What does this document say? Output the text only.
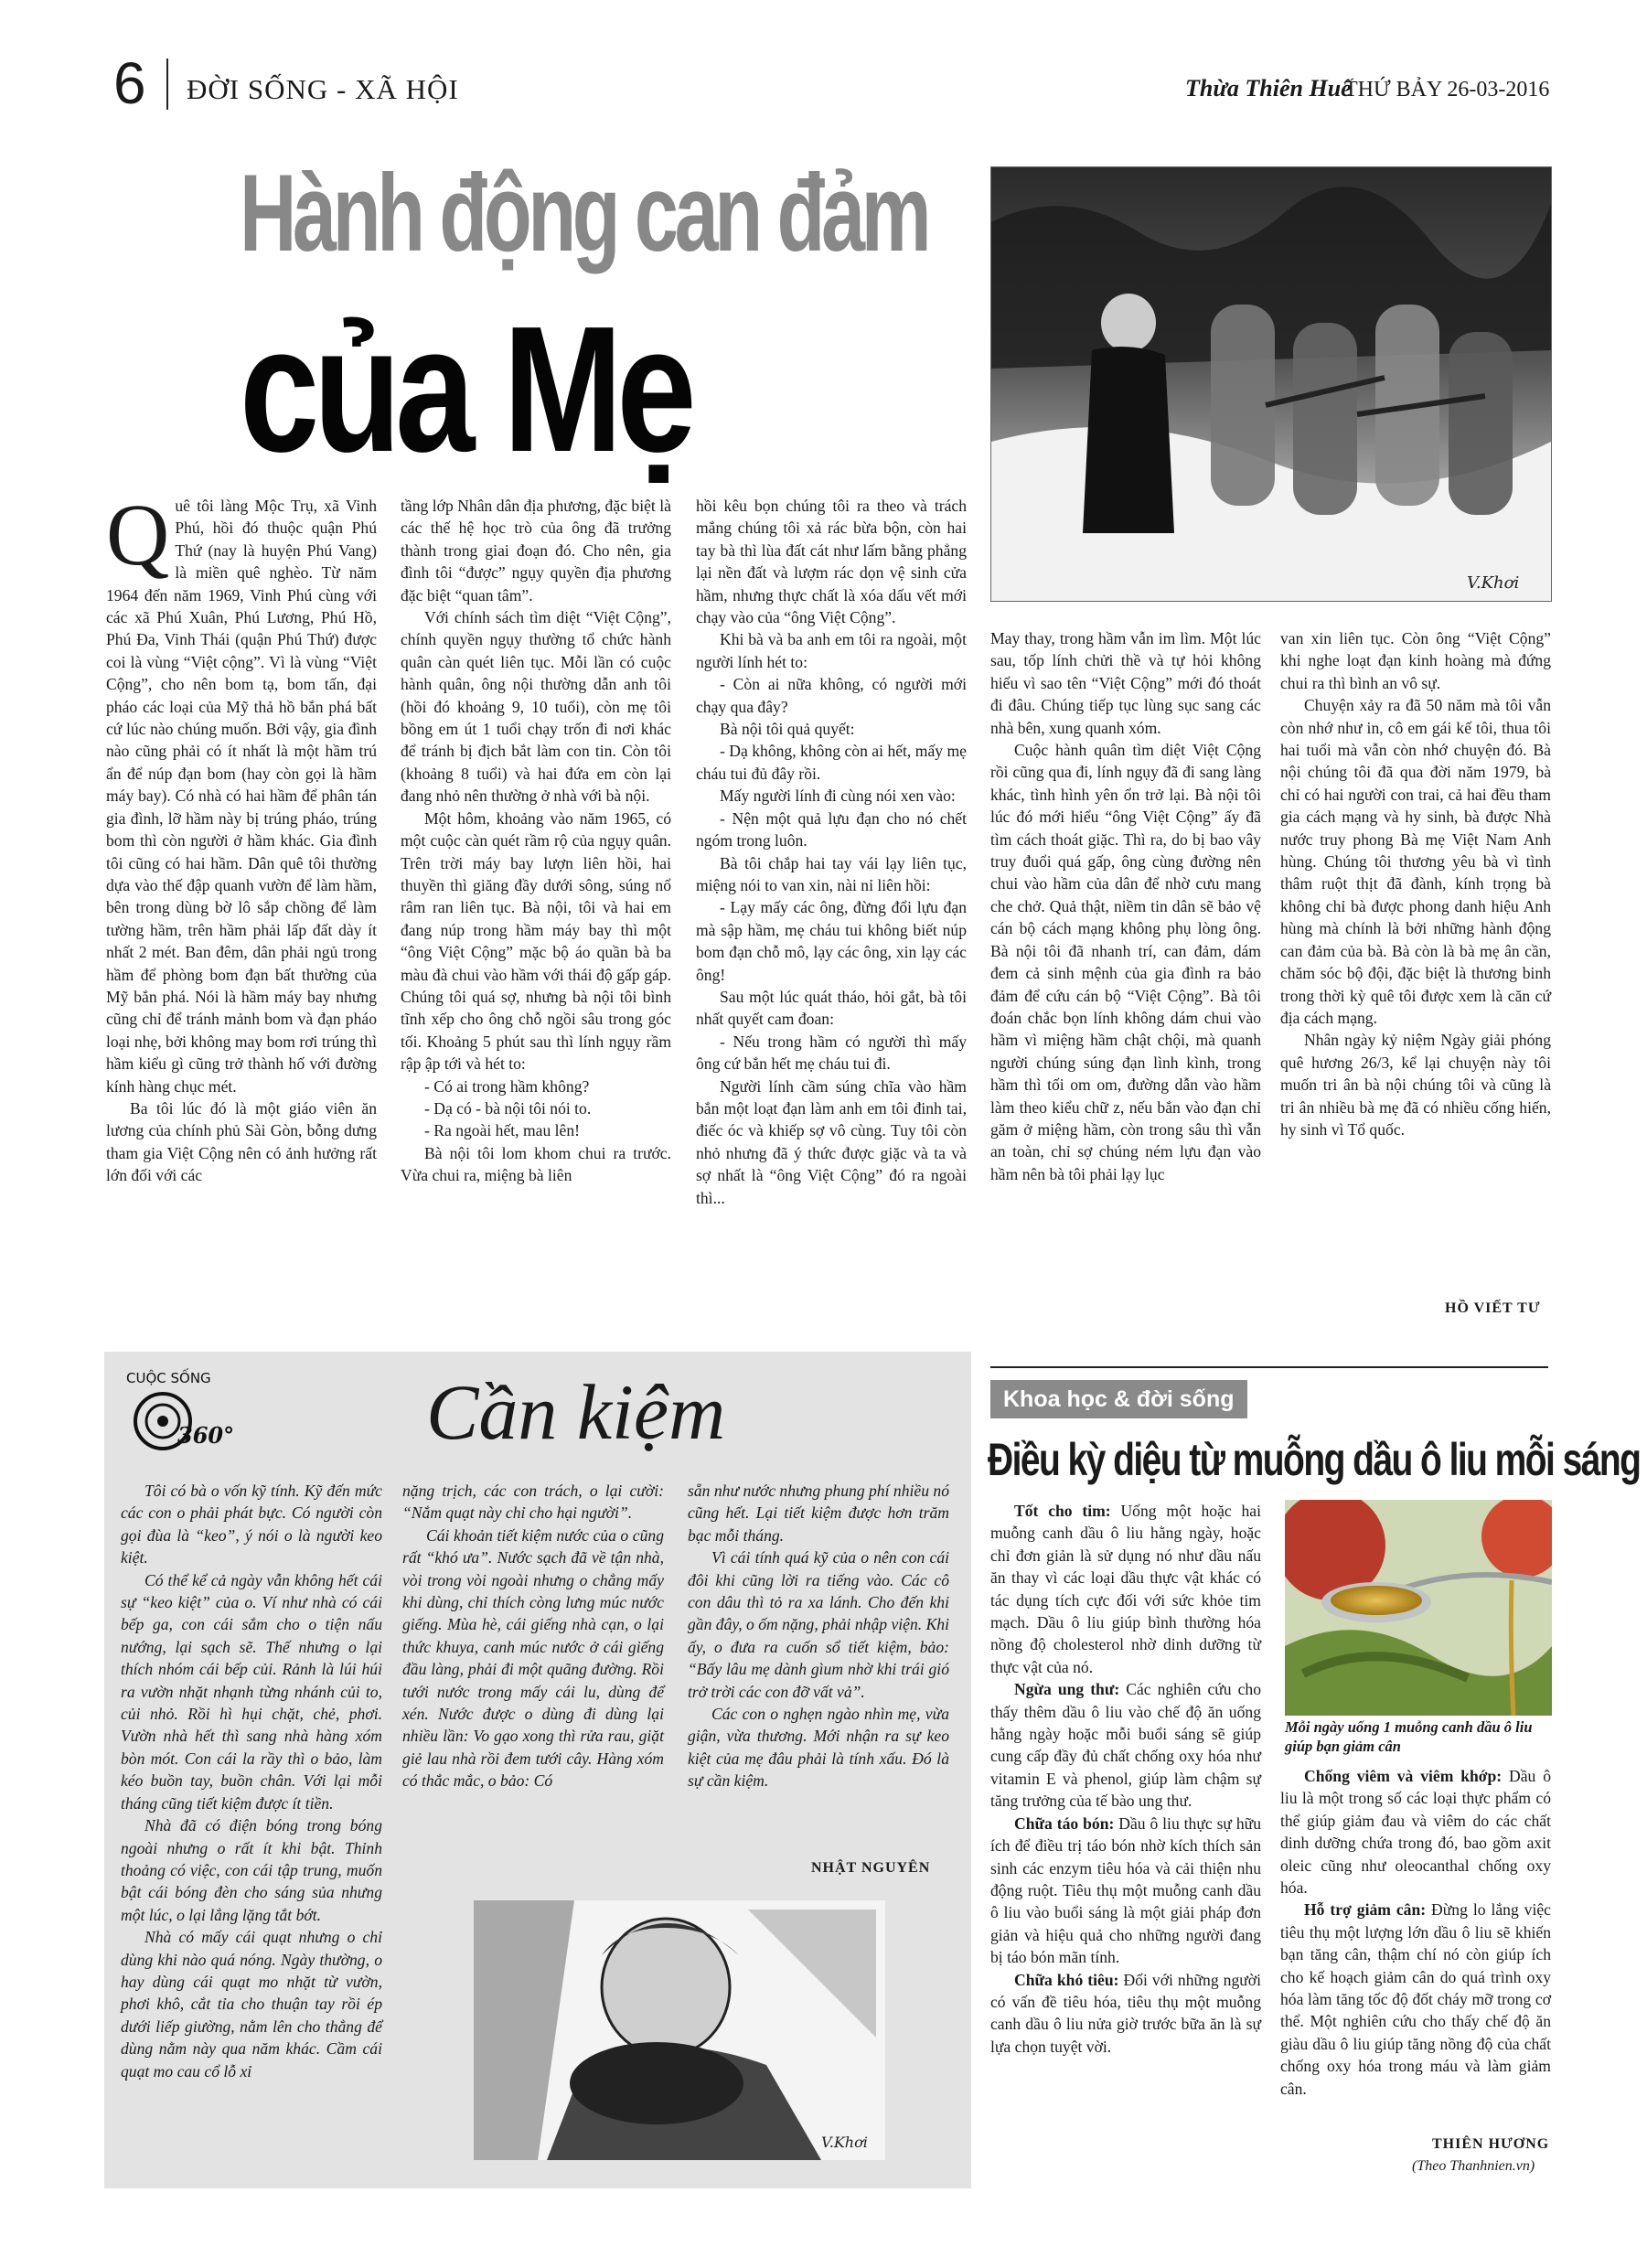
6 ĐỜI SỐNG - XÃ HỘI	Thừa Thiên Huế
THỨ BẢY 26-03-2016
Hành động can đảm
của Mẹ
V.Khơi

Quê tôi làng Mộc Trụ, xã Vinh Phú, hồi đó thuộc quận Phú Thứ (nay là huyện Phú Vang) là miền quê nghèo. Từ năm 1964 đến năm 1969, Vinh Phú cùng với các xã Phú Xuân, Phú Lương, Phú Hồ, Phú Đa, Vinh Thái (quận Phú Thứ) được coi là vùng “Việt cộng”. Vì là vùng “Việt Cộng”, cho nên bom tạ, bom tấn, đại pháo các loại của Mỹ thả hồ bắn phá bất cứ lúc nào chúng muốn. Bởi vậy, gia đình nào cũng phải có ít nhất là một hầm trú ẩn để núp đạn bom (hay còn gọi là hầm máy bay). Có nhà có hai hầm để phân tán gia đình, lỡ hầm này bị trúng pháo, trúng bom thì còn người ở hầm khác. Gia đình tôi cũng có hai hầm. Dân quê tôi thường dựa vào thế đập quanh vườn để làm hầm, bên trong dùng bờ lô sắp chồng để làm tường hầm, trên hầm phải lấp đất dày ít nhất 2 mét. Ban đêm, dân phải ngủ trong hầm để phòng bom đạn bất thường của Mỹ bắn phá. Nói là hầm máy bay nhưng cũng chỉ để tránh mảnh bom và đạn pháo loại nhẹ, bởi không may bom rơi trúng thì hầm kiểu gì cũng trở thành hố với đường kính hàng chục mét.

Ba tôi lúc đó là một giáo viên ăn lương của chính phủ Sài Gòn, bỗng dưng tham gia Việt Cộng nên có ảnh hưởng rất lớn đối với các

tầng lớp Nhân dân địa phương, đặc biệt là các thế hệ học trò của ông đã trưởng thành trong giai đoạn đó. Cho nên, gia đình tôi “được” ngụy quyền địa phương đặc biệt “quan tâm”.

Với chính sách tìm diệt “Việt Cộng”, chính quyền ngụy thường tổ chức hành quân càn quét liên tục. Mỗi lần có cuộc hành quân, ông nội thường dẫn anh tôi (hồi đó khoảng 9, 10 tuổi), còn mẹ tôi bồng em út 1 tuổi chạy trốn đi nơi khác để tránh bị địch bắt làm con tin. Còn tôi (khoảng 8 tuổi) và hai đứa em còn lại đang nhỏ nên thường ở nhà với bà nội.

Một hôm, khoảng vào năm 1965, có một cuộc càn quét rầm rộ của ngụy quân. Trên trời máy bay lượn liên hồi, hai thuyền thì giăng đầy dưới sông, súng nổ râm ran liên tục. Bà nội, tôi và hai em đang núp trong hầm máy bay thì một “ông Việt Cộng” mặc bộ áo quần bà ba màu đà chui vào hầm với thái độ gấp gáp. Chúng tôi quá sợ, nhưng bà nội tôi bình tĩnh xếp cho ông chỗ ngồi sâu trong góc tối. Khoảng 5 phút sau thì lính ngụy rầm rập ập tới và hét to:

- Có ai trong hầm không?

- Dạ có - bà nội tôi nói to.

- Ra ngoài hết, mau lên!

Bà nội tôi lom khom chui ra trước. Vừa chui ra, miệng bà liên

hồi kêu bọn chúng tôi ra theo và trách mắng chúng tôi xả rác bừa bộn, còn hai tay bà thì lùa đất cát như lấm bằng phẳng lại nền đất và lượm rác dọn vệ sinh cửa hầm, nhưng thực chất là xóa dấu vết mới chạy vào của “ông Việt Cộng”.

Khi bà và ba anh em tôi ra ngoài, một người lính hét to:

- Còn ai nữa không, có người mới chạy qua đây?

Bà nội tôi quả quyết:

- Dạ không, không còn ai hết, mấy mẹ cháu tui đủ đây rồi.

Mấy người lính đi cùng nói xen vào:

- Nện một quả lựu đạn cho nó chết ngóm trong luôn.

Bà tôi chắp hai tay vái lạy liên tục, miệng nói to van xin, nài nỉ liên hồi:

- Lạy mấy các ông, đừng đổi lựu đạn mà sập hầm, mẹ cháu tui không biết núp bom đạn chỗ mô, lạy các ông, xin lạy các ông!

Sau một lúc quát tháo, hỏi gắt, bà tôi nhất quyết cam đoan:

- Nếu trong hầm có người thì mấy ông cứ bắn hết mẹ cháu tui đi.

Người lính cầm súng chĩa vào hầm bắn một loạt đạn làm anh em tôi đinh tai, điếc óc và khiếp sợ vô cùng. Tuy tôi còn nhỏ nhưng đã ý thức được giặc và ta và sợ nhất là “ông Việt Cộng” đó ra ngoài thì...

May thay, trong hầm vẫn im lìm. Một lúc sau, tốp lính chửi thề và tự hỏi không hiểu vì sao tên “Việt Cộng” mới đó thoát đi đâu. Chúng tiếp tục lùng sục sang các nhà bên, xung quanh xóm.

Cuộc hành quân tìm diệt Việt Cộng rồi cũng qua đi, lính ngụy đã đi sang làng khác, tình hình yên ổn trở lại. Bà nội tôi lúc đó mới hiểu “ông Việt Cộng” ấy đã tìm cách thoát giặc. Thì ra, do bị bao vây truy đuổi quá gấp, ông cùng đường nên chui vào hầm của dân để nhờ cưu mang che chở. Quả thật, niềm tin dân sẽ bảo vệ cán bộ cách mạng không phụ lòng ông. Bà nội tôi đã nhanh trí, can đảm, dám đem cả sinh mệnh của gia đình ra bảo đảm để cứu cán bộ “Việt Cộng”. Bà tôi đoán chắc bọn lính không dám chui vào hầm vì miệng hầm chật chội, mà quanh người chúng súng đạn lình kình, trong hầm thì tối om om, đường dẫn vào hầm làm theo kiểu chữ z, nếu bắn vào đạn chỉ găm ở miệng hầm, còn trong sâu thì vẫn an toàn, chỉ sợ chúng ném lựu đạn vào hầm nên bà tôi phải lạy lục

van xin liên tục. Còn ông “Việt Cộng” khi nghe loạt đạn kinh hoàng mà đứng chui ra thì bình an vô sự.

Chuyện xảy ra đã 50 năm mà tôi vẫn còn nhớ như in, cô em gái kế tôi, thua tôi hai tuổi mà vẫn còn nhớ chuyện đó. Bà nội chúng tôi đã qua đời năm 1979, bà chỉ có hai người con trai, cả hai đều tham gia cách mạng và hy sinh, bà được Nhà nước truy phong Bà mẹ Việt Nam Anh hùng. Chúng tôi thương yêu bà vì tình thâm ruột thịt đã đành, kính trọng bà không chỉ bà được phong danh hiệu Anh hùng mà chính là bởi những hành động can đảm của bà. Bà còn là bà mẹ ân cần, chăm sóc bộ đội, đặc biệt là thương binh trong thời kỳ quê tôi được xem là căn cứ địa cách mạng.

Nhân ngày kỷ niệm Ngày giải phóng quê hương 26/3, kể lại chuyện này tôi muốn tri ân bà nội chúng tôi và cũng là tri ân nhiều bà mẹ đã có nhiều cống hiến, hy sinh vì Tổ quốc.

HỒ VIẾT TƯ
CUỘC SỐNG
360° Cần kiệm

Tôi có bà o vốn kỹ tính. Kỹ đến mức các con o phải phát bực. Có người còn gọi đùa là “keo”, ý nói o là người keo kiệt.

Có thể kể cả ngày vẫn không hết cái sự “keo kiệt” của o. Ví như nhà có cái bếp ga, con cái sắm cho o tiện nấu nướng, lại sạch sẽ. Thế nhưng o lại thích nhóm cái bếp củi. Rảnh là lúi húi ra vườn nhặt nhạnh từng nhánh củi to, củi nhỏ. Rồi hì hụi chặt, chẻ, phơi. Vườn nhà hết thì sang nhà hàng xóm bòn mót. Con cái la rầy thì o bảo, làm kéo buồn tay, buồn chân. Với lại mỗi tháng cũng tiết kiệm được ít tiền.

Nhà đã có điện bóng trong bóng ngoài nhưng o rất ít khi bật. Thỉnh thoảng có việc, con cái tập trung, muốn bật cái bóng đèn cho sáng sủa nhưng một lúc, o lại lẳng lặng tắt bớt.

Nhà có mấy cái quạt nhưng o chỉ dùng khi nào quá nóng. Ngày thường, o hay dùng cái quạt mo nhặt từ vườn, phơi khô, cắt tỉa cho thuận tay rồi ép dưới liếp giường, nằm lên cho thẳng để dùng nằm này qua năm khác. Cầm cái quạt mo cau cổ lỗ xỉ

nặng trịch, các con trách, o lại cười: “Nắm quạt này chỉ cho hại người”.

Cái khoản tiết kiệm nước của o cũng rất “khó ưa”. Nước sạch đã về tận nhà, vòi trong vòi ngoài nhưng o chẳng mấy khi dùng, chỉ thích còng lưng múc nước giếng. Mùa hè, cái giếng nhà cạn, o lại thức khuya, canh múc nước ở cái giếng đầu làng, phải đi một quãng đường. Rồi tưới nước trong mấy cái lu, dùng để xén. Nước được o dùng đi dùng lại nhiều lần: Vo gạo xong thì rửa rau, giặt giẻ lau nhà rồi đem tưới cây. Hàng xóm có thắc mắc, o bảo: Có

sẵn như nước nhưng phung phí nhiều nó cũng hết. Lại tiết kiệm được hơn trăm bạc mỗi tháng.

Vì cái tính quá kỹ của o nên con cái đôi khi cũng lời ra tiếng vào. Các cô con dâu thì tỏ ra xa lánh. Cho đến khi gần đây, o ốm nặng, phải nhập viện. Khi ấy, o đưa ra cuốn sổ tiết kiệm, bảo: “Bấy lâu mẹ dành gìum nhờ khi trái gió trở trời các con đỡ vất vả”.

Các con o nghẹn ngào nhìn mẹ, vừa giận, vừa thương. Mới nhận ra sự keo kiệt của mẹ đâu phải là tính xấu. Đó là sự cần kiệm.

NHẬT NGUYÊN
V.Khơi
Khoa học & đời sống
Điều kỳ diệu từ muỗng dầu ô liu mỗi sáng

Tốt cho tim: Uống một hoặc hai muỗng canh dầu ô liu hằng ngày, hoặc chỉ đơn giản là sử dụng nó như dầu nấu ăn thay vì các loại dầu thực vật khác có tác dụng tích cực đối với sức khỏe tim mạch. Dầu ô liu giúp bình thường hóa nồng độ cholesterol nhờ dinh dưỡng từ thực vật của nó.

Ngừa ung thư: Các nghiên cứu cho thấy thêm dầu ô liu vào chế độ ăn uống hằng ngày hoặc mỗi buổi sáng sẽ giúp cung cấp đầy đủ chất chống oxy hóa như vitamin E và phenol, giúp làm chậm sự tăng trưởng của tế bào ung thư.

Chữa táo bón: Dầu ô liu thực sự hữu ích để điều trị táo bón nhờ kích thích sản sinh các enzym tiêu hóa và cải thiện nhu động ruột. Tiêu thụ một muỗng canh dầu ô liu vào buổi sáng là một giải pháp đơn giản và hiệu quả cho những người đang bị táo bón mãn tính.

Chữa khó tiêu: Đối với những người có vấn đề tiêu hóa, tiêu thụ một muỗng canh dầu ô liu nửa giờ trước bữa ăn là sự lựa chọn tuyệt vời.

Mỗi ngày uống 1 muỗng canh dầu ô liu giúp bạn giảm cân

Chống viêm và viêm khớp: Dầu ô liu là một trong số các loại thực phẩm có thể giúp giảm đau và viêm do các chất dinh dưỡng chứa trong đó, bao gồm axit oleic cũng như oleocanthal chống oxy hóa.

Hỗ trợ giảm cân: Đừng lo lắng việc tiêu thụ một lượng lớn dầu ô liu sẽ khiến bạn tăng cân, thậm chí nó còn giúp ích cho kế hoạch giảm cân do quá trình oxy hóa làm tăng tốc độ đốt cháy mỡ trong cơ thể. Một nghiên cứu cho thấy chế độ ăn giàu dầu ô liu giúp tăng nồng độ của chất chống oxy hóa trong máu và làm giảm cân.

THIÊN HƯƠNG
(Theo Thanhnien.vn)
